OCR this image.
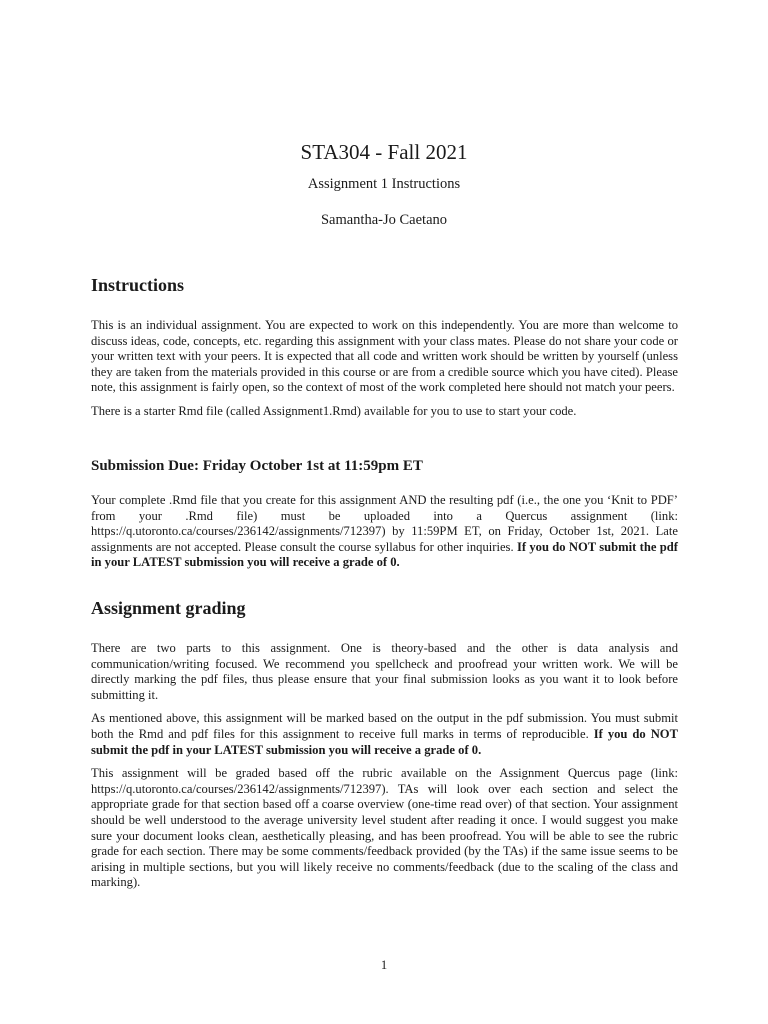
STA304 - Fall 2021
Assignment 1 Instructions
Samantha-Jo Caetano
Instructions

This is an individual assignment. You are expected to work on this independently. You are more than welcome to discuss ideas, code, concepts, etc. regarding this assignment with your class mates. Please do not share your code or your written text with your peers. It is expected that all code and written work should be written by yourself (unless they are taken from the materials provided in this course or are from a credible source which you have cited). Please note, this assignment is fairly open, so the context of most of the work completed here should not match your peers.

There is a starter Rmd file (called Assignment1.Rmd) available for you to use to start your code.

Submission Due: Friday October 1st at 11:59pm ET

Your complete .Rmd file that you create for this assignment AND the resulting pdf (i.e., the one you ‘Knit to PDF’ from your .Rmd file) must be uploaded into a Quercus assignment (link: https://q.utoronto.ca/courses/236142/assignments/712397) by 11:59PM ET, on Friday, October 1st, 2021. Late assignments are not accepted. Please consult the course syllabus for other inquiries. If you do NOT submit the pdf in your LATEST submission you will receive a grade of 0.

Assignment grading

There are two parts to this assignment. One is theory-based and the other is data analysis and communication/writing focused. We recommend you spellcheck and proofread your written work. We will be directly marking the pdf files, thus please ensure that your final submission looks as you want it to look before submitting it.

As mentioned above, this assignment will be marked based on the output in the pdf submission. You must submit both the Rmd and pdf files for this assignment to receive full marks in terms of reproducible. If you do NOT submit the pdf in your LATEST submission you will receive a grade of 0.

This assignment will be graded based off the rubric available on the Assignment Quercus page (link: https://q.utoronto.ca/courses/236142/assignments/712397). TAs will look over each section and select the appropriate grade for that section based off a coarse overview (one-time read over) of that section. Your assignment should be well understood to the average university level student after reading it once. I would suggest you make sure your document looks clean, aesthetically pleasing, and has been proofread. You will be able to see the rubric grade for each section. There may be some comments/feedback provided (by the TAs) if the same issue seems to be arising in multiple sections, but you will likely receive no comments/feedback (due to the scaling of the class and marking).

1
